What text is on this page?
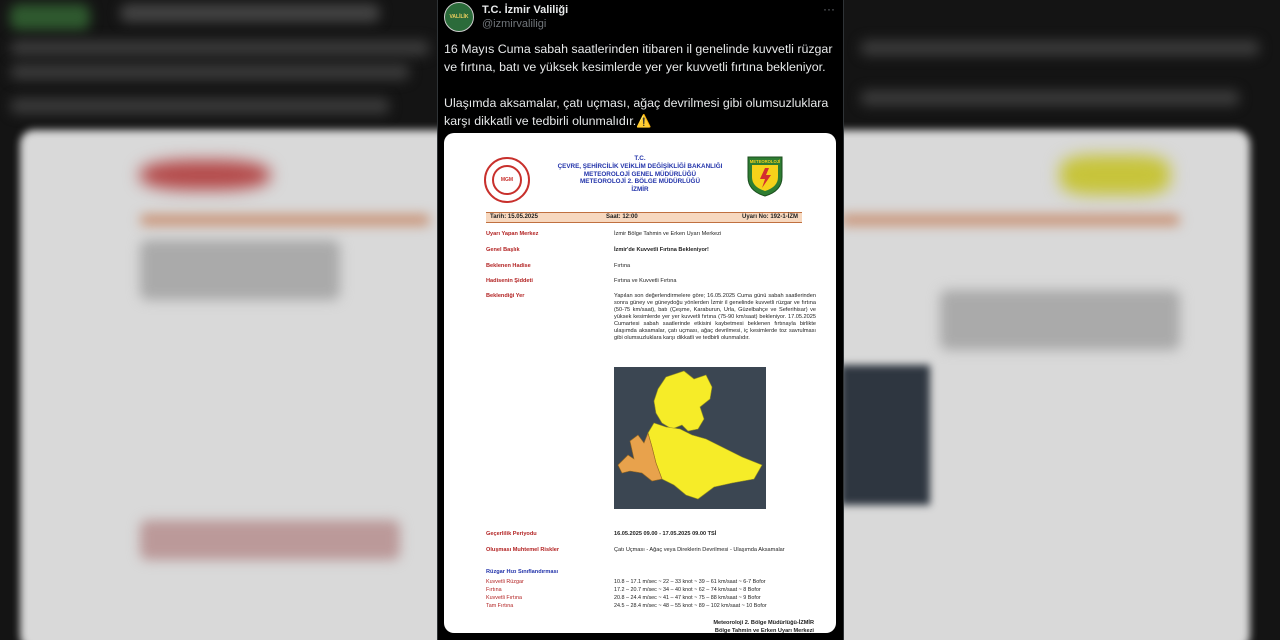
VALİLİK
T.C. İzmir Valiliği
@izmirvaliligi
···

16 Mayıs Cuma sabah saatlerinden itibaren il genelinde kuvvetli rüzgar ve fırtına, batı ve yüksek kesimlerde yer yer kuvvetli fırtına bekleniyor.

Ulaşımda aksamalar, çatı uçması, ağaç devrilmesi gibi olumsuzluklara karşı dikkatli ve tedbirli olunmalıdır.⚠️

MGM
T.C.
ÇEVRE, ŞEHİRCİLİK VEİKLİM DEĞİŞİKLİĞİ BAKANLIĞI
METEOROLOJİ GENEL MÜDÜRLÜĞÜ
METEOROLOJİ 2. BÖLGE MÜDÜRLÜĞÜ
İZMİR
METEOROLOJİ
Tarih: 15.05.2025	Saat: 12:00	Uyarı No: 192-1-İZM
Uyarı Yapan Merkez	İzmir Bölge Tahmin ve Erken Uyarı Merkezi
Genel Başlık	İzmir'de Kuvvetli Fırtına Bekleniyor!
Beklenen Hadise	Fırtına
Hadisenin Şiddeti	Fırtına ve Kuvvetli Fırtına
Beklendiği Yer	Yapılan son değerlendirmelere göre; 16.05.2025 Cuma günü sabah saatlerinden sonra güney ve güneydoğu yönlerden İzmir il genelinde kuvvetli rüzgar ve fırtına (50-75 km/saat), batı (Çeşme, Karaburun, Urla, Güzelbahçe ve Seferihisar) ve yüksek kesimlerde yer yer kuvvetli fırtına (75-90 km/saat) bekleniyor. 17.05.2025 Cumartesi sabah saatlerinde etkisini kaybetmesi beklenen fırtınayla birlikte ulaşımda aksamalar, çatı uçması, ağaç devrilmesi, iç kesimlerde toz savrulması gibi olumsuzluklara karşı dikkatli ve tedbirli olunmalıdır.
Geçerlilik Periyodu	16.05.2025 09.00 - 17.05.2025 09.00 TSİ
Oluşması Muhtemel Riskler	Çatı Uçması - Ağaç veya Direklerin Devrilmesi - Ulaşımda Aksamalar
Rüzgar Hızı Sınıflandırması
Kuvvetli Rüzgar	10.8 – 17.1 m/sec ~ 22 – 33 knot ~ 39 – 61 km/saat ~ 6-7 Bofor
Fırtına	17.2 – 20.7 m/sec ~ 34 – 40 knot ~ 62 – 74 km/saat ~ 8 Bofor
Kuvvetli Fırtına	20.8 – 24.4 m/sec ~ 41 – 47 knot ~ 75 – 88 km/saat ~ 9 Bofor
Tam Fırtına	24.5 – 28.4 m/sec ~ 48 – 55 knot ~ 89 – 102 km/saat ~ 10 Bofor
Meteoroloji 2. Bölge Müdürlüğü-İZMİR
Bölge Tahmin ve Erken Uyarı Merkezi
